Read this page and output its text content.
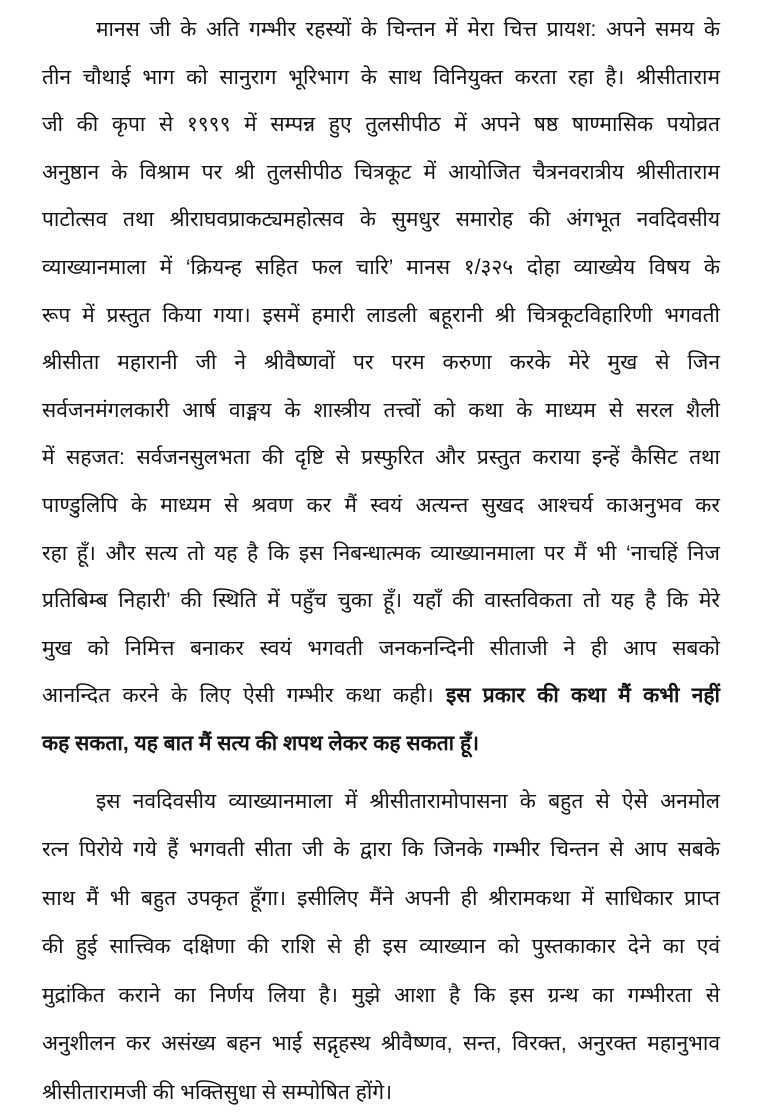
मानस जी के अति गम्भीर रहस्यों के चिन्तन में मेरा चित्त प्रायश: अपने समय के
तीन चौथाई भाग को सानुराग भूरिभाग के साथ विनियुक्त करता रहा है। श्रीसीताराम
जी की कृपा से १९९९ में सम्पन्न हुए तुलसीपीठ में अपने षष्ठ षाण्मासिक पयोव्रत
अनुष्ठान के विश्राम पर श्री तुलसीपीठ चित्रकूट में आयोजित चैत्रनवरात्रीय श्रीसीताराम
पाटोत्सव तथा श्रीराघवप्राकट्यमहोत्सव के सुमधुर समारोह की अंगभूत नवदिवसीय
व्याख्यानमाला में ‘क्रियन्ह सहित फल चारि’ मानस १/३२५ दोहा व्याख्येय विषय के
रूप में प्रस्तुत किया गया। इसमें हमारी लाडली बहूरानी श्री चित्रकूटविहारिणी भगवती
श्रीसीता महारानी जी ने श्रीवैष्णवों पर परम करुणा करके मेरे मुख से जिन
सर्वजनमंगलकारी आर्ष वाङ्मय के शास्त्रीय तत्त्वों को कथा के माध्यम से सरल शैली
में सहजत: सर्वजनसुलभता की दृष्टि से प्रस्फुरित और प्रस्तुत कराया इन्हें कैसिट तथा
पाण्डुलिपि के माध्यम से श्रवण कर मैं स्वयं अत्यन्त सुखद आश्चर्य काअनुभव कर
रहा हूँ। और सत्य तो यह है कि इस निबन्धात्मक व्याख्यानमाला पर मैं भी ‘नाचहिं निज
प्रतिबिम्ब निहारी’ की स्थिति में पहुँच चुका हूँ। यहाँ की वास्तविकता तो यह है कि मेरे
मुख को निमित्त बनाकर स्वयं भगवती जनकनन्दिनी सीताजी ने ही आप सबको
आनन्दित करने के लिए ऐसी गम्भीर कथा कही। इस प्रकार की कथा मैं कभी नहीं
कह सकता, यह बात मैं सत्य की शपथ लेकर कह सकता हूँ।
इस नवदिवसीय व्याख्यानमाला में श्रीसीतारामोपासना के बहुत से ऐसे अनमोल
रत्न पिरोये गये हैं भगवती सीता जी के द्वारा कि जिनके गम्भीर चिन्तन से आप सबके
साथ मैं भी बहुत उपकृत हूँगा। इसीलिए मैंने अपनी ही श्रीरामकथा में साधिकार प्राप्त
की हुई सात्त्विक दक्षिणा की राशि से ही इस व्याख्यान को पुस्तकाकार देने का एवं
मुद्रांकित कराने का निर्णय लिया है। मुझे आशा है कि इस ग्रन्थ का गम्भीरता से
अनुशीलन कर असंख्य बहन भाई सद्गृहस्थ श्रीवैष्णव, सन्त, विरक्त, अनुरक्त महानुभाव
श्रीसीतारामजी की भक्तिसुधा से सम्पोषित होंगे।
